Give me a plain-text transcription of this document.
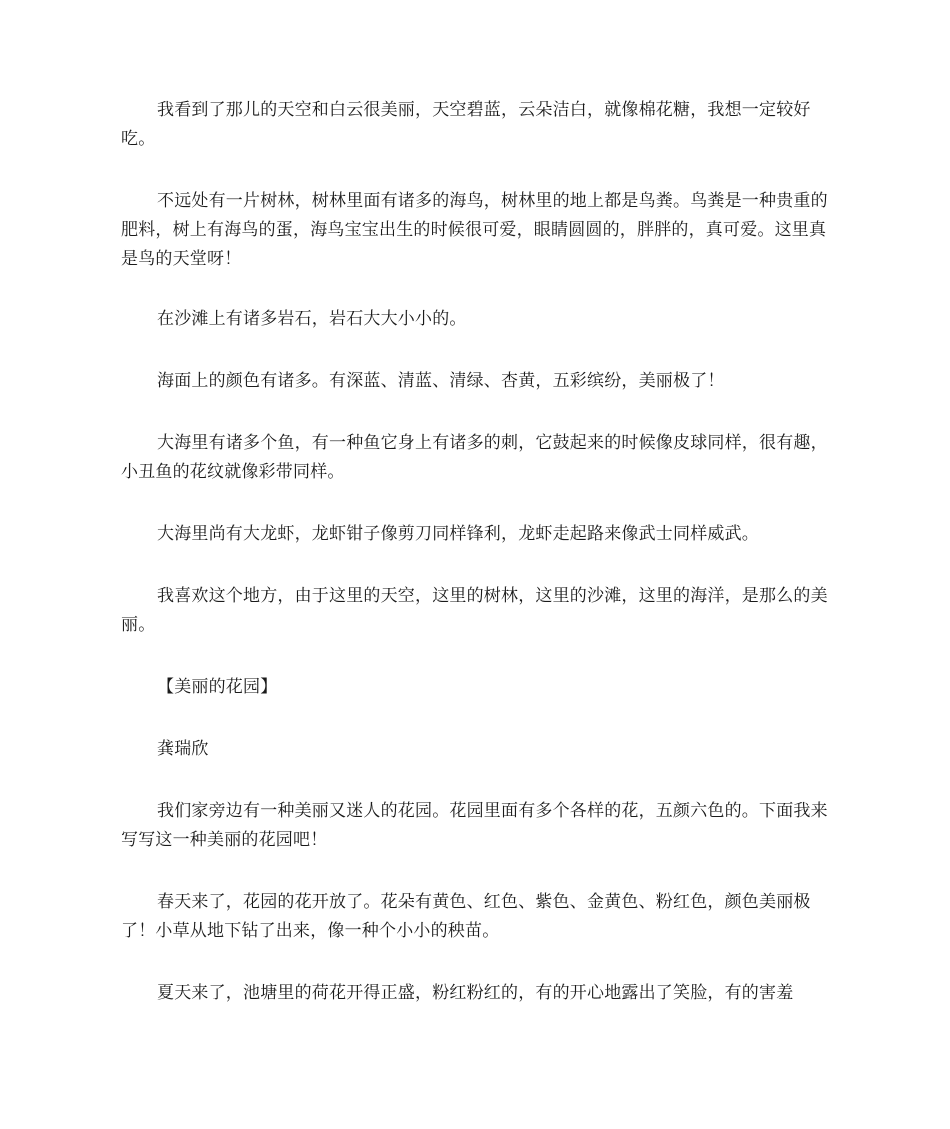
我看到了那儿的天空和白云很美丽，天空碧蓝，云朵洁白，就像棉花糖，我想一定较好吃。

不远处有一片树林，树林里面有诸多的海鸟，树林里的地上都是鸟粪。鸟粪是一种贵重的肥料，树上有海鸟的蛋，海鸟宝宝出生的时候很可爱，眼睛圆圆的，胖胖的，真可爱。这里真是鸟的天堂呀！

在沙滩上有诸多岩石，岩石大大小小的。

海面上的颜色有诸多。有深蓝、清蓝、清绿、杏黄，五彩缤纷，美丽极了！

大海里有诸多个鱼，有一种鱼它身上有诸多的刺，它鼓起来的时候像皮球同样，很有趣，小丑鱼的花纹就像彩带同样。

大海里尚有大龙虾，龙虾钳子像剪刀同样锋利，龙虾走起路来像武士同样威武。

我喜欢这个地方，由于这里的天空，这里的树林，这里的沙滩，这里的海洋，是那么的美丽。

【美丽的花园】

龚瑞欣

我们家旁边有一种美丽又迷人的花园。花园里面有多个各样的花，五颜六色的。下面我来写写这一种美丽的花园吧！

春天来了，花园的花开放了。花朵有黄色、红色、紫色、金黄色、粉红色，颜色美丽极了！小草从地下钻了出来，像一种个小小的秧苗。

夏天来了，池塘里的荷花开得正盛，粉红粉红的，有的开心地露出了笑脸，有的害羞
